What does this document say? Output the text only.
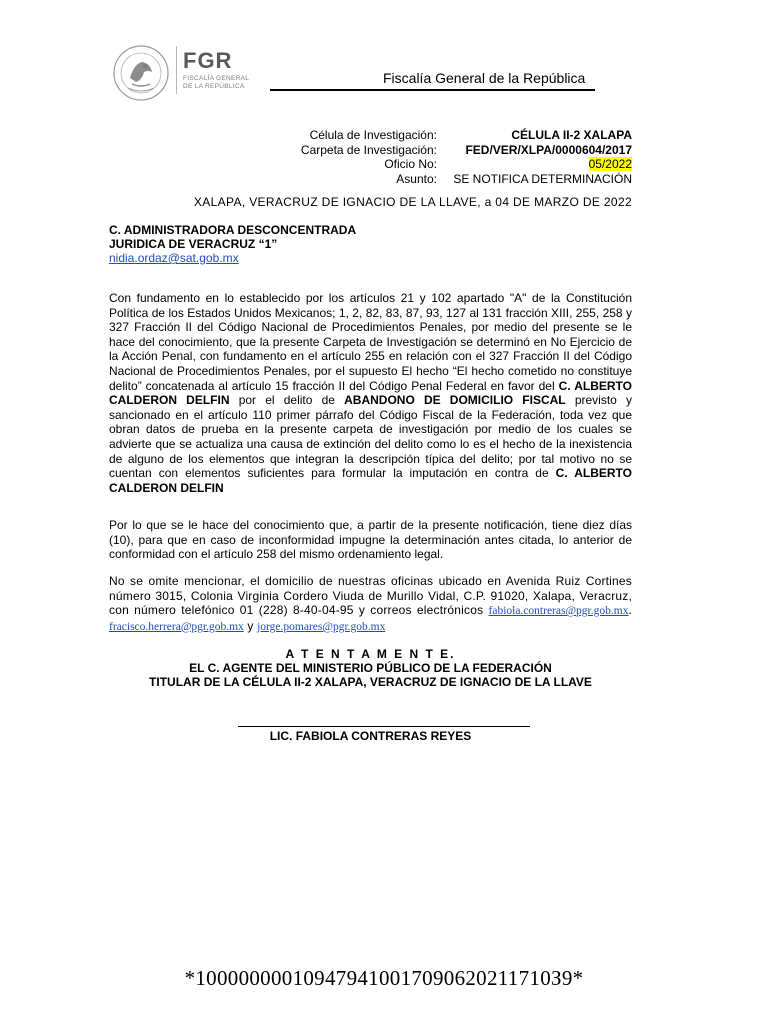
FGR
FISCALÍA GENERAL
DE LA REPÚBLICA
Fiscalía General de la República
Célula de Investigación:	CÉLULA II-2 XALAPA
Carpeta de Investigación:	FED/VER/XLPA/0000604/2017
Oficio No:	05/2022
Asunto:	SE NOTIFICA DETERMINACIÓN
XALAPA, VERACRUZ DE IGNACIO DE LA LLAVE, a 04 DE MARZO DE 2022
C. ADMINISTRADORA DESCONCENTRADA
JURIDICA DE VERACRUZ “1”
nidia.ordaz@sat.gob.mx
Con fundamento en lo establecido por los artículos 21 y 102 apartado "A" de la Constitución Política de los Estados Unidos Mexicanos; 1, 2, 82, 83, 87, 93, 127 al 131 fracción XIII, 255, 258 y 327 Fracción II del Código Nacional de Procedimientos Penales, por medio del presente se le hace del conocimiento, que la presente Carpeta de Investigación se determinó en No Ejercicio de la Acción Penal, con fundamento en el artículo 255 en relación con el 327 Fracción II del Código Nacional de Procedimientos Penales, por el supuesto El hecho “El hecho cometido no constituye delito” concatenada al artículo 15 fracción II del Código Penal Federal en favor del C. ALBERTO CALDERON DELFIN por el delito de ABANDONO DE DOMICILIO FISCAL previsto y sancionado en el artículo 110 primer párrafo del Código Fiscal de la Federación, toda vez que obran datos de prueba en la presente carpeta de investigación por medio de los cuales se advierte que se actualiza una causa de extinción del delito como lo es el hecho de la inexistencia de alguno de los elementos que integran la descripción típica del delito; por tal motivo no se cuentan con elementos suficientes para formular la imputación en contra de C. ALBERTO CALDERON DELFIN
Por lo que se le hace del conocimiento que, a partir de la presente notificación, tiene diez días (10), para que en caso de inconformidad impugne la determinación antes citada, lo anterior de conformidad con el artículo 258 del mismo ordenamiento legal.
No se omite mencionar, el domicilio de nuestras oficinas ubicado en Avenida Ruiz Cortines número 3015, Colonia Virginia Cordero Viuda de Murillo Vidal, C.P. 91020, Xalapa, Veracruz, con número telefónico 01 (228) 8-40-04-95 y correos electrónicos fabiola.contreras@pgr.gob.mx. fracisco.herrera@pgr.gob.mx y jorge.pomares@pgr.gob.mx
A T E N T A M E N T E.
EL C. AGENTE DEL MINISTERIO PÚBLICO DE LA FEDERACIÓN
TITULAR DE LA CÉLULA II-2 XALAPA, VERACRUZ DE IGNACIO DE LA LLAVE
LIC. FABIOLA CONTRERAS REYES
*100000000109479410017090620211710З9*
